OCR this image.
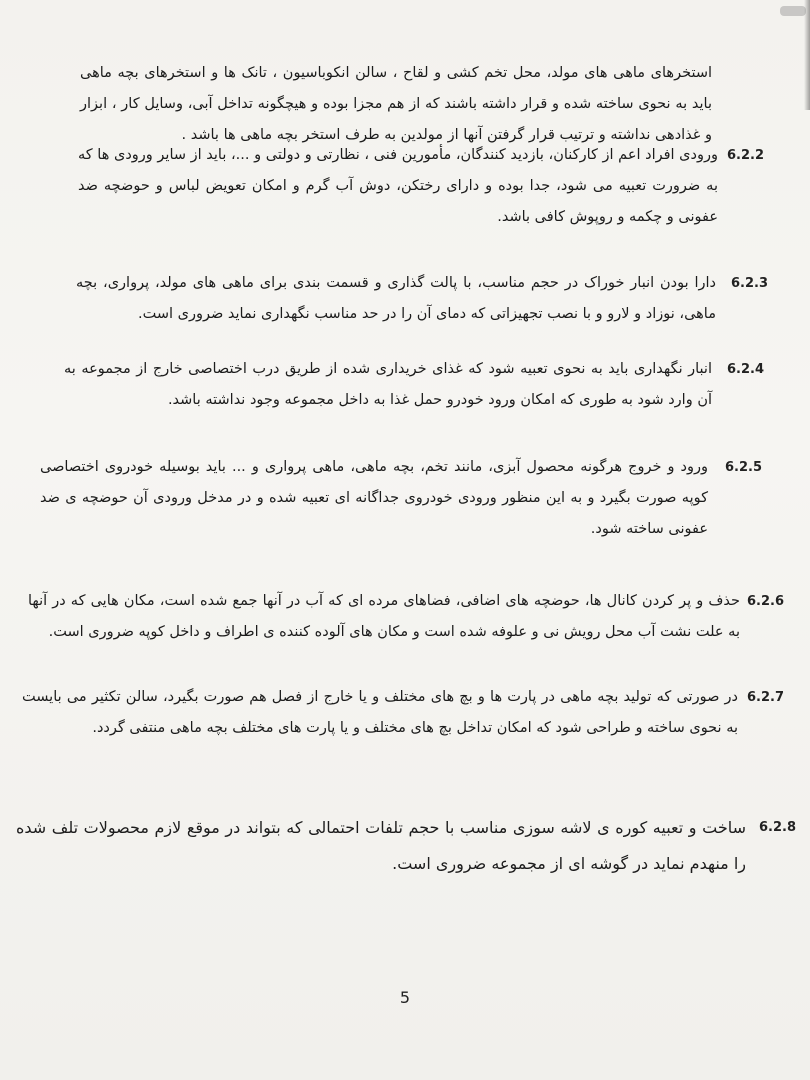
استخرهای ماهی های مولد، محل تخم کشی و لقاح ، سالن انکوباسیون ، تانک ها و استخرهای بچه ماهی باید به نحوی ساخته شده و قرار داشته باشند که از هم مجزا بوده و هیچگونه تداخل آبی، وسایل کار ، ابزار و غذادهی نداشته و ترتیب قرار گرفتن آنها از مولدین به طرف استخر بچه ماهی ها باشد .
6.2.2
ورودی افراد اعم از کارکنان، بازدید کنندگان، مأمورین فنی ، نظارتی و دولتی و ...، باید از سایر ورودی ها که به ضرورت تعبیه می شود، جدا بوده و دارای رختکن، دوش آب گرم و امکان تعویض لباس و حوضچه ضد عفونی و چکمه و روپوش کافی باشد.
6.2.3
دارا بودن انبار خوراک در حجم مناسب، با پالت گذاری و قسمت بندی برای ماهی های مولد، پرواری، بچه ماهی، نوزاد و لارو و با نصب تجهیزاتی که دمای آن را در حد مناسب نگهداری نماید ضروری است.
6.2.4
انبار نگهداری باید به نحوی تعبیه شود که غذای خریداری شده از طریق درب اختصاصی خارج از مجموعه به آن وارد شود به طوری که امکان ورود خودرو حمل غذا به داخل مجموعه وجود نداشته باشد.
6.2.5
ورود و خروج هرگونه محصول آبزی، مانند تخم، بچه ماهی، ماهی پرواری و ... باید بوسیله خودروی اختصاصی کوپه صورت بگیرد و به این منظور ورودی خودروی جداگانه ای تعبیه شده و در مدخل ورودی آن حوضچه ی ضد عفونی ساخته شود.
6.2.6
حذف و پر کردن کانال ها، حوضچه های اضافی، فضاهای مرده ای که آب در آنها جمع شده است، مکان هایی که در آنها به علت نشت آب محل رویش نی و علوفه شده است و مکان های آلوده کننده ی اطراف و داخل کوپه ضروری است.
6.2.7
در صورتی که تولید بچه ماهی در پارت ها و بچ های مختلف و یا خارج از فصل هم صورت بگیرد، سالن تکثیر می بایست به نحوی ساخته و طراحی شود که امکان تداخل بچ های مختلف و یا پارت های مختلف بچه ماهی منتفی گردد.
6.2.8
ساخت و تعبیه کوره ی لاشه سوزی مناسب با حجم تلفات احتمالی که بتواند در موقع لازم محصولات تلف شده را منهدم نماید در گوشه ای از مجموعه ضروری است.
5
